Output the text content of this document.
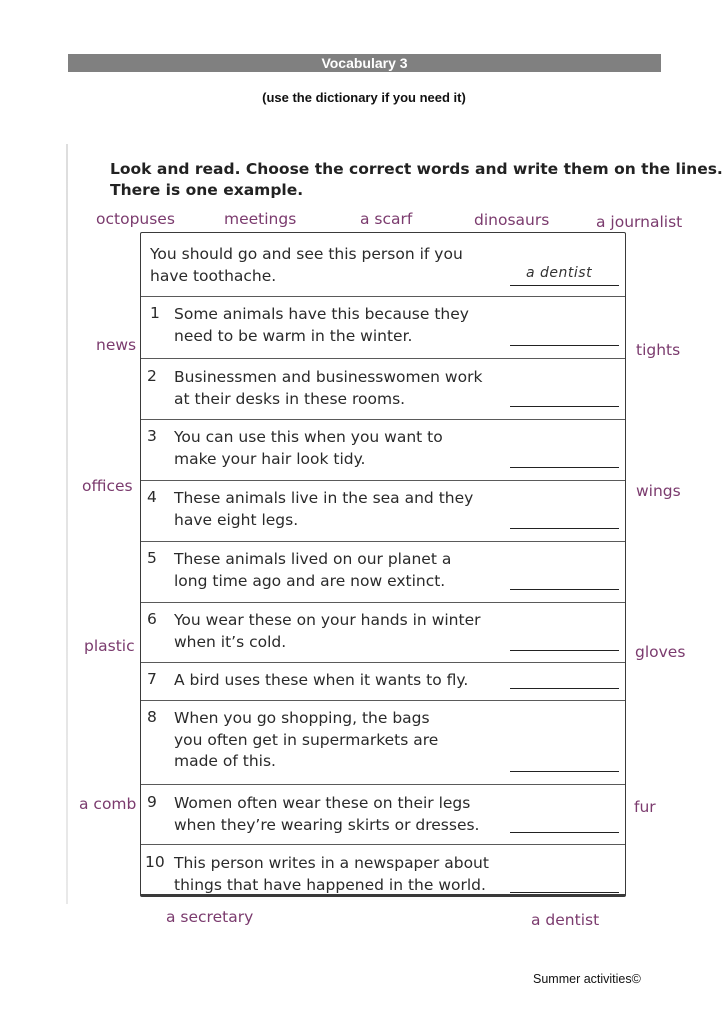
Vocabulary 3
(use the dictionary if you need it)
Look and read. Choose the correct words and write them on the lines.
There is one example.
octopuses	meetings	a scarf	dinosaurs	a journalist
news	tights
offices	wings
plastic	gloves
a comb	fur
a secretary	a dentist
You should go and see this person if you
have toothache.	a dentist
1 Some animals have this because they
need to be warm in the winter.
2 Businessmen and businesswomen work
at their desks in these rooms.
3 You can use this when you want to
make your hair look tidy.
4 These animals live in the sea and they
have eight legs.
5 These animals lived on our planet a
long time ago and are now extinct.
6 You wear these on your hands in winter
when it’s cold.
7 A bird uses these when it wants to fly.
8 When you go shopping, the bags
you often get in supermarkets are
made of this.
9 Women often wear these on their legs
when they’re wearing skirts or dresses.
10 This person writes in a newspaper about
things that have happened in the world.
Summer activities©
